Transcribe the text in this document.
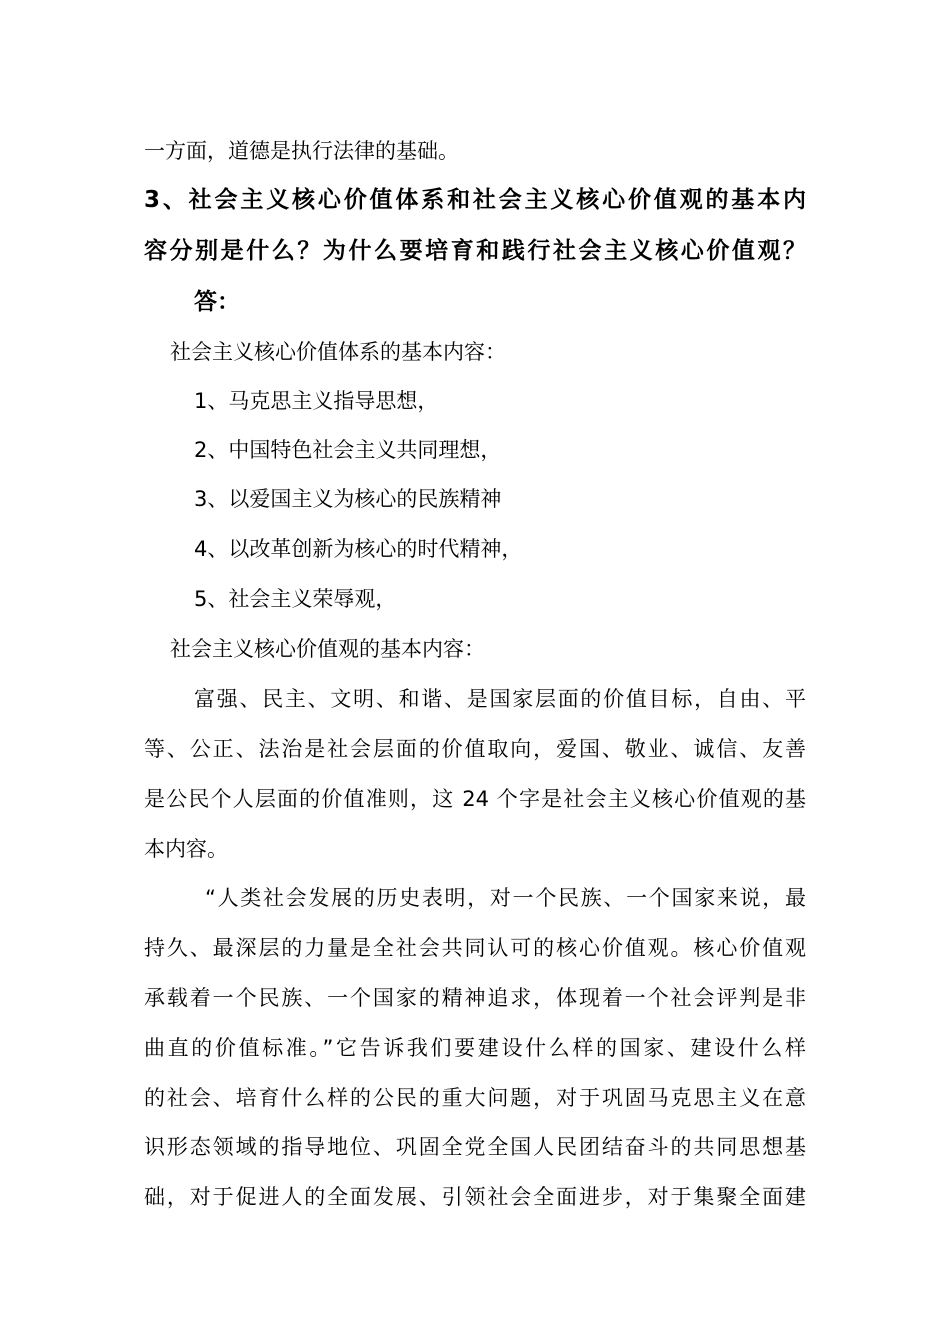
一方面，道德是执行法律的基础。
3、社会主义核心价值体系和社会主义核心价值观的基本内
容分别是什么？为什么要培育和践行社会主义核心价值观？
答：
社会主义核心价值体系的基本内容：
1、马克思主义指导思想，
2、中国特色社会主义共同理想，
3、以爱国主义为核心的民族精神
4、以改革创新为核心的时代精神，
5、社会主义荣辱观，
社会主义核心价值观的基本内容：
富强、民主、文明、和谐、是国家层面的价值目标，自由、平
等、公正、法治是社会层面的价值取向，爱国、敬业、诚信、友善
是公民个人层面的价值准则，这 24 个字是社会主义核心价值观的基
本内容。
“人类社会发展的历史表明，对一个民族、一个国家来说，最
持久、最深层的力量是全社会共同认可的核心价值观。核心价值观
承载着一个民族、一个国家的精神追求，体现着一个社会评判是非
曲直的价值标准。”它告诉我们要建设什么样的国家、建设什么样
的社会、培育什么样的公民的重大问题，对于巩固马克思主义在意
识形态领域的指导地位、巩固全党全国人民团结奋斗的共同思想基
础，对于促进人的全面发展、引领社会全面进步，对于集聚全面建
